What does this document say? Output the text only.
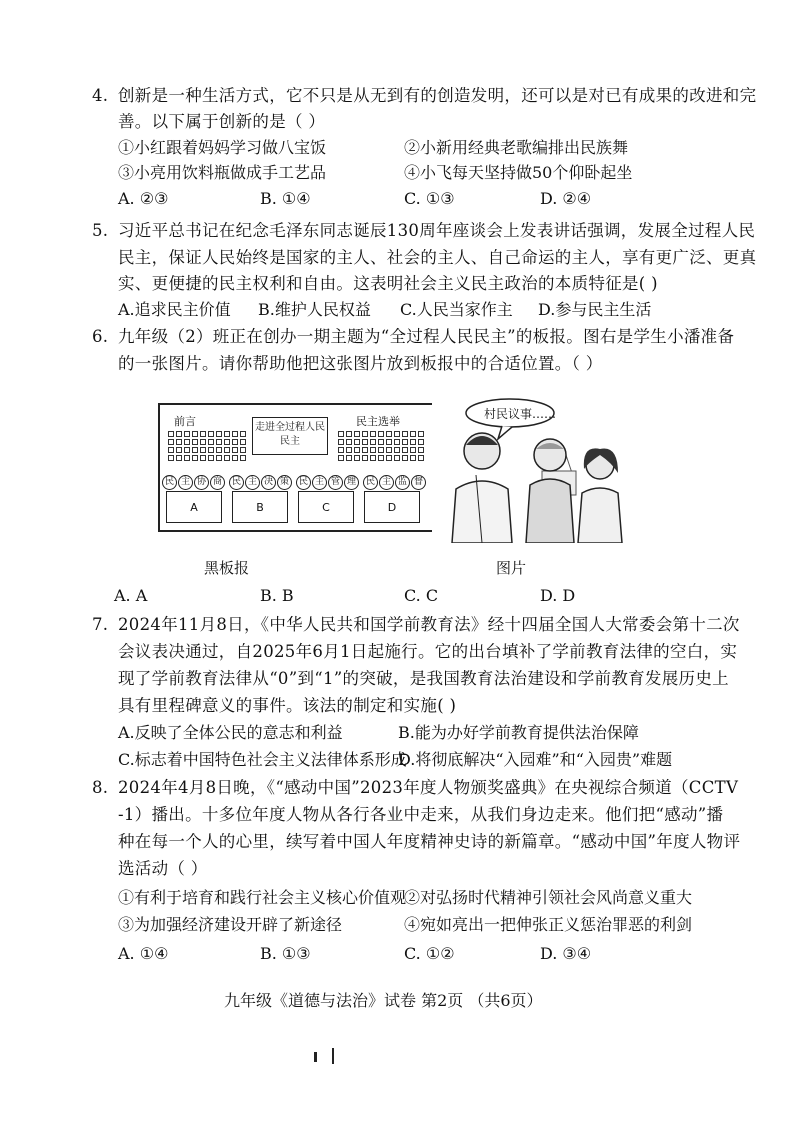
4. 创新是一种生活方式，它不只是从无到有的创造发明，还可以是对已有成果的改进和完
善。以下属于创新的是（ ）
①小红跟着妈妈学习做八宝饭	②小新用经典老歌编排出民族舞
③小亮用饮料瓶做成手工艺品	④小飞每天坚持做50个仰卧起坐
A. ②③	B. ①④	C. ①③	D. ②④
5. 习近平总书记在纪念毛泽东同志诞辰130周年座谈会上发表讲话强调，发展全过程人民
民主，保证人民始终是国家的主人、社会的主人、自己命运的主人，享有更广泛、更真
实、更便捷的民主权利和自由。这表明社会主义民主政治的本质特征是( )
A.追求民主价值 B.维护人民权益 C.人民当家作主 D.参与民主生活
6. 九年级（2）班正在创办一期主题为“全过程人民民主”的板报。图右是学生小潘准备
的一张图片。请你帮助他把这张图片放到板报中的合适位置。（ ）
前言	民主选举
走进全过程人民民主
民 主 协 商	民 主 决 策	民 主 管 理	民 主 监 督
A	B	C	D
村民议事……
黑板报	图片
A. A	B. B	C. C	D. D
7. 2024年11月8日，《中华人民共和国学前教育法》经十四届全国人大常委会第十二次
会议表决通过，自2025年6月1日起施行。它的出台填补了学前教育法律的空白，实
现了学前教育法律从“0”到“1”的突破，是我国教育法治建设和学前教育发展历史上
具有里程碑意义的事件。该法的制定和实施( )
A.反映了全体公民的意志和利益	B.能为办好学前教育提供法治保障
C.标志着中国特色社会主义法律体系形成
D.将彻底解决“入园难”和“入园贵”难题
8. 2024年4月8日晚，《“感动中国”2023年度人物颁奖盛典》在央视综合频道（CCTV
-1）播出。十多位年度人物从各行各业中走来，从我们身边走来。他们把“感动”播
种在每一个人的心里，续写着中国人年度精神史诗的新篇章。“感动中国”年度人物评
选活动（ ）
①有利于培育和践行社会主义核心价值观
②对弘扬时代精神引领社会风尚意义重大
③为加强经济建设开辟了新途径	④宛如亮出一把伸张正义惩治罪恶的利剑
A. ①④	B. ①③	C. ①②	D. ③④
九年级《道德与法治》试卷 第2页 （共6页）
